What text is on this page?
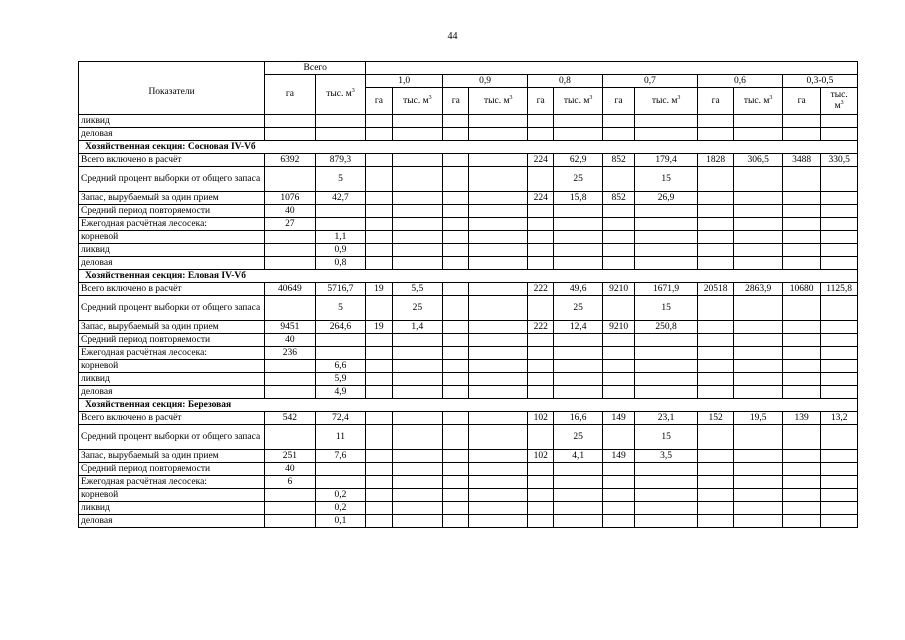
44
Показатели	Всего													
	га	тыс. $м^3$	1,0		0,9		0,8		0,7		0,6		0,3-0,5	
			га	тыс. $м^3$	га	тыс. $м^3$	га	тыс. $м^3$	га	тыс. $м^3$	га	тыс. $м^3$	га	тыс.
$м^3$
ликвид														
деловая														
Хозяйственная секция: Сосновая IV-Vб														
Всего включено в расчёт	6392	879,3					224	62,9	852	179,4	1828	306,5	3488	330,5
Средний процент выборки от общего запаса		5						25		15				
Запас, вырубаемый за один прием	1076	42,7					224	15,8	852	26,9				
Средний период повторяемости	40													
Ежегодная расчётная лесосека:	27													
корневой		1,1												
ликвид		0,9												
деловая		0,8												
Хозяйственная секция: Еловая IV-Vб														
Всего включено в расчёт	40649	5716,7	19	5,5			222	49,6	9210	1671,9	20518	2863,9	10680	1125,8
Средний процент выборки от общего запаса		5		25				25		15				
Запас, вырубаемый за один прием	9451	264,6	19	1,4			222	12,4	9210	250,8				
Средний период повторяемости	40													
Ежегодная расчётная лесосека:	236													
корневой		6,6												
ликвид		5,9												
деловая		4,9												
Хозяйственная секция: Березовая														
Всего включено в расчёт	542	72,4					102	16,6	149	23,1	152	19,5	139	13,2
Средний процент выборки от общего запаса		11						25		15				
Запас, вырубаемый за один прием	251	7,6					102	4,1	149	3,5				
Средний период повторяемости	40													
Ежегодная расчётная лесосека:	6													
корневой		0,2												
ликвид		0,2												
деловая		0,1												
